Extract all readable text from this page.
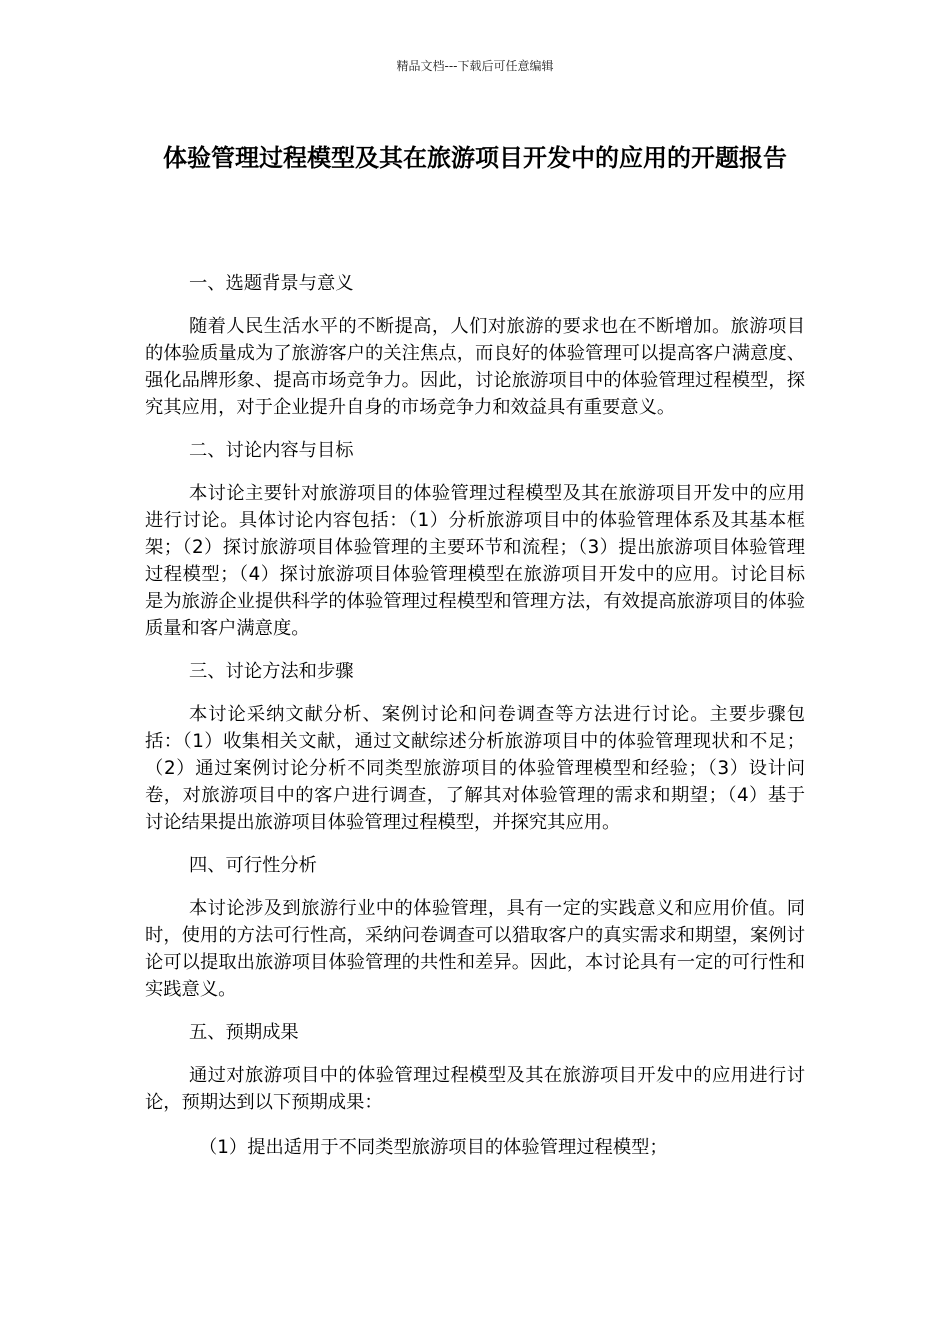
精品文档---下载后可任意编辑
体验管理过程模型及其在旅游项目开发中的应用的开题报告

一、选题背景与意义

随着人民生活水平的不断提高，人们对旅游的要求也在不断增加。旅游项目的体验质量成为了旅游客户的关注焦点，而良好的体验管理可以提高客户满意度、强化品牌形象、提高市场竞争力。因此，讨论旅游项目中的体验管理过程模型，探究其应用，对于企业提升自身的市场竞争力和效益具有重要意义。

二、讨论内容与目标

本讨论主要针对旅游项目的体验管理过程模型及其在旅游项目开发中的应用进行讨论。具体讨论内容包括：（1）分析旅游项目中的体验管理体系及其基本框架；（2）探讨旅游项目体验管理的主要环节和流程；（3）提出旅游项目体验管理过程模型；（4）探讨旅游项目体验管理模型在旅游项目开发中的应用。讨论目标是为旅游企业提供科学的体验管理过程模型和管理方法，有效提高旅游项目的体验质量和客户满意度。

三、讨论方法和步骤

本讨论采纳文献分析、案例讨论和问卷调查等方法进行讨论。主要步骤包括：（1）收集相关文献，通过文献综述分析旅游项目中的体验管理现状和不足；（2）通过案例讨论分析不同类型旅游项目的体验管理模型和经验；（3）设计问卷，对旅游项目中的客户进行调查，了解其对体验管理的需求和期望；（4）基于讨论结果提出旅游项目体验管理过程模型，并探究其应用。

四、可行性分析

本讨论涉及到旅游行业中的体验管理，具有一定的实践意义和应用价值。同时，使用的方法可行性高，采纳问卷调查可以猎取客户的真实需求和期望，案例讨论可以提取出旅游项目体验管理的共性和差异。因此，本讨论具有一定的可行性和实践意义。

五、预期成果

通过对旅游项目中的体验管理过程模型及其在旅游项目开发中的应用进行讨论，预期达到以下预期成果：

（1）提出适用于不同类型旅游项目的体验管理过程模型；
